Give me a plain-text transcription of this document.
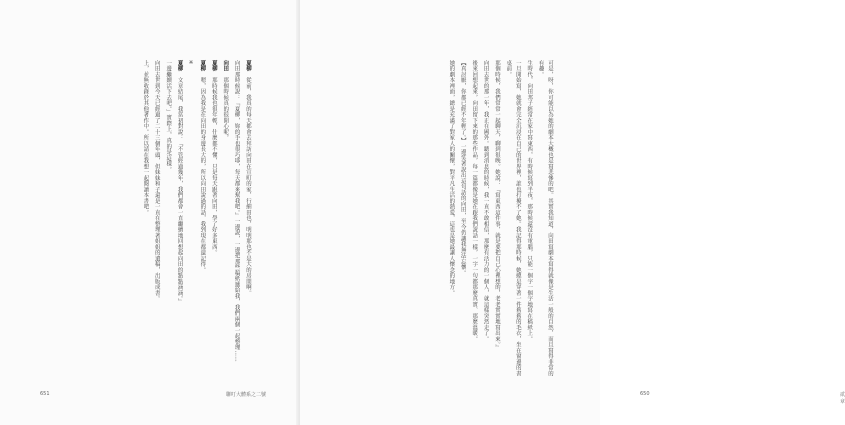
夏柳　從前，我真的每天都會去拜訪向田在宣町的家，行細田也，明明那也不是大的房間啊。
向田那時候說：『夏柳，妳的手也很巧耶，每天都來幫我吧。』一邊說，一邊把那些稿紙遞給我，我們兩個一起整理……
向田　那個時候真的很開心呢。
夏柳　那時候我也很年輕，什麼都不懂，只是每天跟著向田，學了好多東西。
夏柳　嗯，因為我是在向田的身邊長大的，所以向田說過的話，我到現在都還記得。
※
夏柳　文章結尾，我當初對說：『不管經過幾年，我們都會一直繼續地回想起向田的點點滴滴。』
一邊繼續活下去吧。」實際上，真的是這樣。
向田去世到今天已經過了二十三個年頭，但妹妹和子還是一直在整理著姐姐的遺稿，出版成書。
上，並無收錄於其他著作中。所以請在我想一起閱讀本書吧。
651	聯叮大體系之二號
可是，呀，你可能以為她的劇本大概也是寫悲慘的吧。其實我知道，向田寫劇本寫得就像是生活一般的自然，而且寫得非常的有趣。
生時代，向田邦子經常在家中寫東西，有時候寫到半夜，那時候還沒有電腦，只能一個字一個字地寫在稿紙上。
一旦開始寫，她就會完全沉浸在自己的世界裡，誰也打擾不了她。我記得那時候，她總是穿著一件舊舊的毛衣，坐在窗邊的書桌前。
那個時候，我們常常一起聊天，聊到很晚。她說：『寫東西這件事，就是要把自己心裡想的，老老實實地寫出來。』
向田去世的那一年，我正在國外。聽到消息的時候，我一直不敢相信，那麼有活力的一個人，就這樣突然走了。
後來回想起來，向田留下來的那些作品，每一篇都像是她在跟我們說話一樣，一字一句都那麼真實、那麼溫暖。
【真討厭，你都已經不年輕了。】一邊笑著說出這句話的向田，至今仍讓我無法忘懷。
她的劇本裡面，總是充滿了對家人的關懷，對平凡生活的熱愛，這也是她最讓人懷念的地方。
650	貳章
